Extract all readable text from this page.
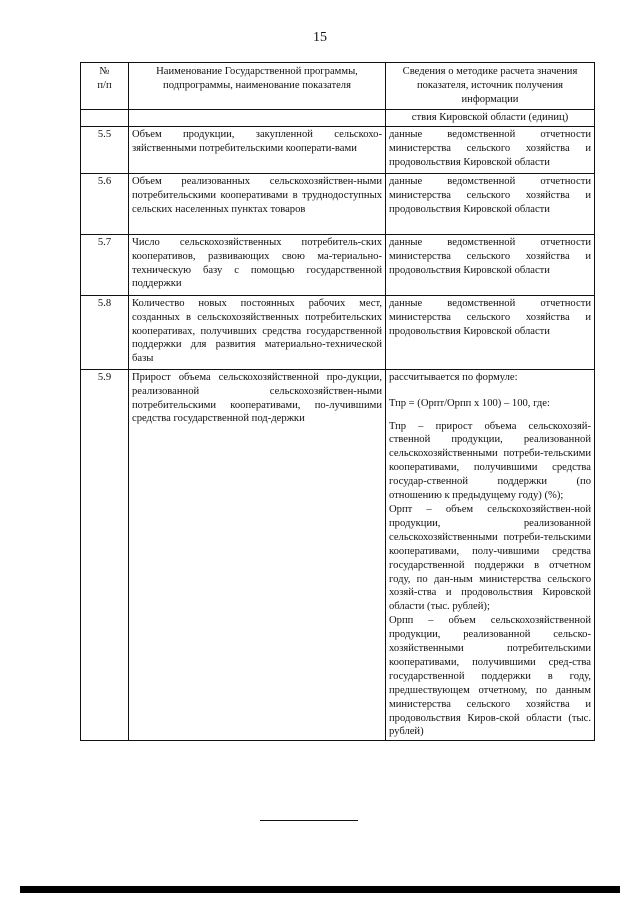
15
№
п/п	Наименование Государственной программы, подпрограммы, наименование показателя	Сведения о методике расчета значения показателя, источник получения информации
		ствия Кировской области (единиц)
5.5	Объем продукции, закупленной сельскохо-зяйственными потребительскими кооперати-вами	данные ведомственной отчетности министерства сельского хозяйства и продовольствия Кировской области
5.6	Объем реализованных сельскохозяйствен-ными потребительскими кооперативами в труднодоступных сельских населенных пунктах товаров	данные ведомственной отчетности министерства сельского хозяйства и продовольствия Кировской области
5.7	Число сельскохозяйственных потребитель-ских кооперативов, развивающих свою ма-териально-техническую базу с помощью государственной поддержки	данные ведомственной отчетности министерства сельского хозяйства и продовольствия Кировской области
5.8	Количество новых постоянных рабочих мест, созданных в сельскохозяйственных потребительских кооперативах, получивших средства государственной поддержки для развития материально-технической базы	данные ведомственной отчетности министерства сельского хозяйства и продовольствия Кировской области
5.9	Прирост объема сельскохозяйственной про-дукции, реализованной сельскохозяйствен-ными потребительскими кооперативами, по-лучившими средства государственной под-держки	рассчитывается по формуле:

Тпр = (Орпт/Орпп х 100) – 100, где:

Тпр – прирост объема сельскохозяй-ственной продукции, реализованной сельскохозяйственными потреби-тельскими кооперативами, получившими средства государ-ственной поддержки (по отношению к предыдущему году) (%);

Орпт – объем сельскохозяйствен-ной продукции, реализованной сельскохозяйственными потреби-тельскими кооперативами, полу-чившими средства государственной поддержки в отчетном году, по дан-ным министерства сельского хозяй-ства и продовольствия Кировской области (тыс. рублей);

Орпп – объем сельскохозяйственной продукции, реализованной сельско-хозяйственными потребительскими кооперативами, получившими сред-ства государственной поддержки в году, предшествующем отчетному, по данным министерства сельского хозяйства и продовольствия Киров-ской области (тыс. рублей)
